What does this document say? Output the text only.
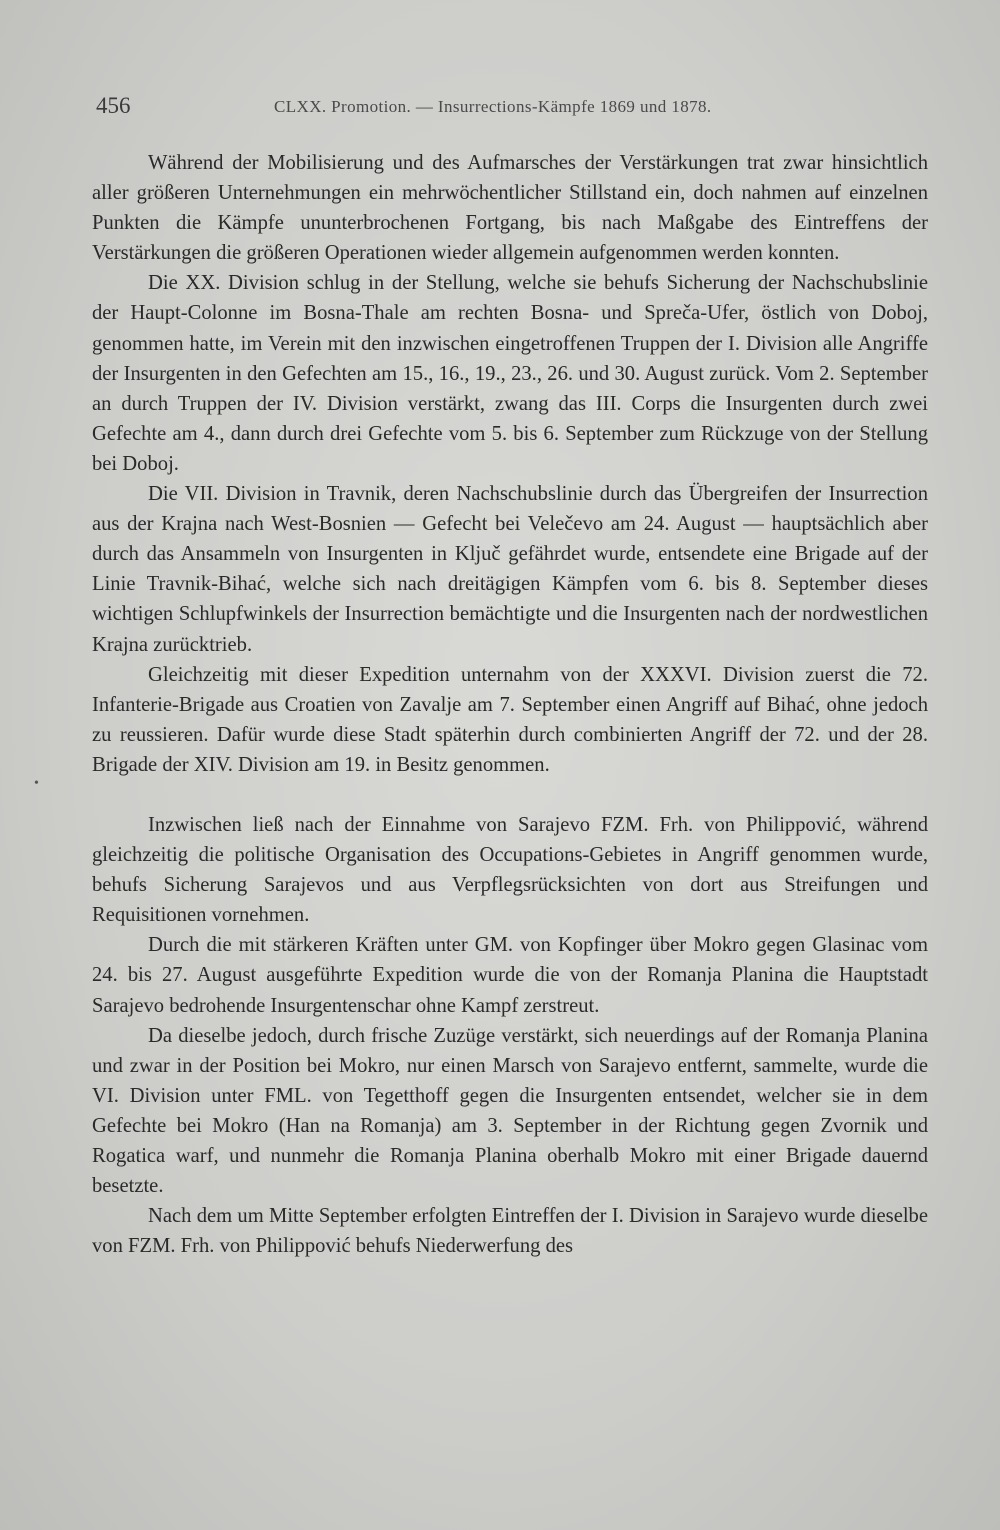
456	CLXX. Promotion. — Insurrections-Kämpfe 1869 und 1878.
•

Während der Mobilisierung und des Aufmarsches der Verstärkungen trat zwar hinsichtlich aller größeren Unternehmungen ein mehrwöchentlicher Stillstand ein, doch nahmen auf einzelnen Punkten die Kämpfe ununterbrochenen Fortgang, bis nach Maßgabe des Eintreffens der Verstärkungen die größeren Operationen wieder allgemein aufgenommen werden konnten.

Die XX. Division schlug in der Stellung, welche sie behufs Sicherung der Nachschubslinie der Haupt-Colonne im Bosna-Thale am rechten Bosna- und Spreča-Ufer, östlich von Doboj, genommen hatte, im Verein mit den inzwischen eingetroffenen Truppen der I. Division alle Angriffe der Insurgenten in den Gefechten am 15., 16., 19., 23., 26. und 30. August zurück. Vom 2. September an durch Truppen der IV. Division verstärkt, zwang das III. Corps die Insurgenten durch zwei Gefechte am 4., dann durch drei Gefechte vom 5. bis 6. September zum Rückzuge von der Stellung bei Doboj.

Die VII. Division in Travnik, deren Nachschubslinie durch das Übergreifen der Insurrection aus der Krajna nach West-Bosnien — Gefecht bei Velečevo am 24. August — hauptsächlich aber durch das Ansammeln von Insurgenten in Ključ gefährdet wurde, entsendete eine Brigade auf der Linie Travnik-Bihać, welche sich nach dreitägigen Kämpfen vom 6. bis 8. September dieses wichtigen Schlupfwinkels der Insurrection bemächtigte und die Insurgenten nach der nordwestlichen Krajna zurücktrieb.

Gleichzeitig mit dieser Expedition unternahm von der XXXVI. Division zuerst die 72. Infanterie-Brigade aus Croatien von Zavalje am 7. September einen Angriff auf Bihać, ohne jedoch zu reussieren. Dafür wurde diese Stadt späterhin durch combinierten Angriff der 72. und der 28. Brigade der XIV. Division am 19. in Besitz genommen.

Inzwischen ließ nach der Einnahme von Sarajevo FZM. Frh. von Philippović, während gleichzeitig die politische Organisation des Occupations-Gebietes in Angriff genommen wurde, behufs Sicherung Sarajevos und aus Verpflegsrücksichten von dort aus Streifungen und Requisitionen vornehmen.

Durch die mit stärkeren Kräften unter GM. von Kopfinger über Mokro gegen Glasinac vom 24. bis 27. August ausgeführte Expedition wurde die von der Romanja Planina die Hauptstadt Sarajevo bedrohende Insurgentenschar ohne Kampf zerstreut.

Da dieselbe jedoch, durch frische Zuzüge verstärkt, sich neuerdings auf der Romanja Planina und zwar in der Position bei Mokro, nur einen Marsch von Sarajevo entfernt, sammelte, wurde die VI. Division unter FML. von Tegetthoff gegen die Insurgenten entsendet, welcher sie in dem Gefechte bei Mokro (Han na Romanja) am 3. September in der Richtung gegen Zvornik und Rogatica warf, und nunmehr die Romanja Planina oberhalb Mokro mit einer Brigade dauernd besetzte.

Nach dem um Mitte September erfolgten Eintreffen der I. Division in Sarajevo wurde dieselbe von FZM. Frh. von Philippović behufs Niederwerfung des
